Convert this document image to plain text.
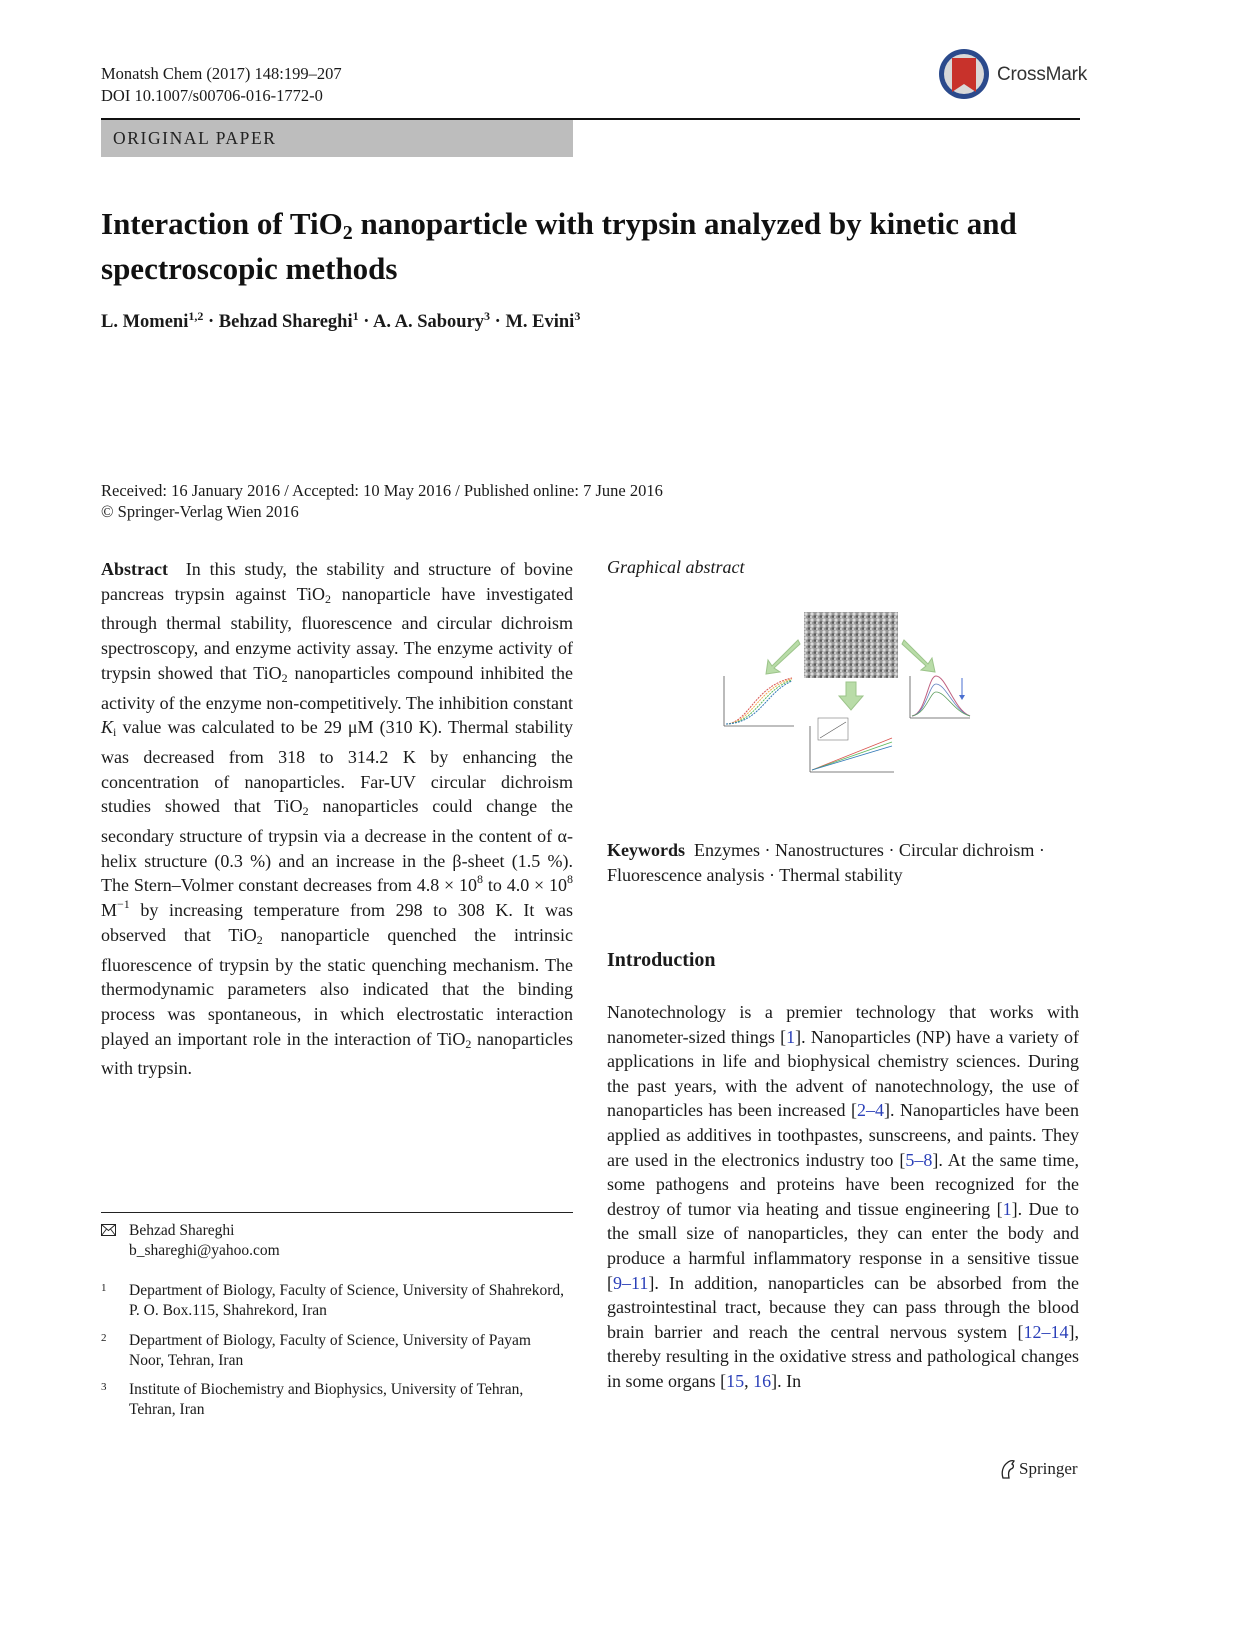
Monatsh Chem (2017) 148:199–207
DOI 10.1007/s00706-016-1772-0
CrossMark
ORIGINAL PAPER
Interaction of TiO$_2$ nanoparticle with trypsin analyzed by kinetic and spectroscopic methods
L. Momeni$^{1,2}$ · Behzad Shareghi$^1$ · A. A. Saboury$^3$ · M. Evini$^3$
Received: 16 January 2016 / Accepted: 10 May 2016 / Published online: 7 June 2016
© Springer-Verlag Wien 2016
Abstract In this study, the stability and structure of bovine pancreas trypsin against TiO$_2$ nanoparticle have investigated through thermal stability, fluorescence and circular dichroism spectroscopy, and enzyme activity assay. The enzyme activity of trypsin showed that TiO$_2$ nanoparticles compound inhibited the activity of the enzyme non-competitively. The inhibition constant $K_i$ value was calculated to be 29 μM (310 K). Thermal stability was decreased from 318 to 314.2 K by enhancing the concentration of nanoparticles. Far-UV circular dichroism studies showed that TiO$_2$ nanoparticles could change the secondary structure of trypsin via a decrease in the content of α-helix structure (0.3 %) and an increase in the β-sheet (1.5 %). The Stern–Volmer constant decreases from $4.8 \times 10^8$ to $4.0 \times 10^8$ $M^{-1}$ by increasing temperature from 298 to 308 K. It was observed that TiO$_2$ nanoparticle quenched the intrinsic fluorescence of trypsin by the static quenching mechanism. The thermodynamic parameters also indicated that the binding process was spontaneous, in which electrostatic interaction played an important role in the interaction of TiO$_2$ nanoparticles with trypsin.
Graphical abstract
Keywords Enzymes · Nanostructures · Circular dichroism · Fluorescence analysis · Thermal stability
Introduction
Nanotechnology is a premier technology that works with nanometer-sized things [1]. Nanoparticles (NP) have a variety of applications in life and biophysical chemistry sciences. During the past years, with the advent of nanotechnology, the use of nanoparticles has been increased [2–4]. Nanoparticles have been applied as additives in toothpastes, sunscreens, and paints. They are used in the electronics industry too [5–8]. At the same time, some pathogens and proteins have been recognized for the destroy of tumor via heating and tissue engineering [1]. Due to the small size of nanoparticles, they can enter the body and produce a harmful inflammatory response in a sensitive tissue [9–11]. In addition, nanoparticles can be absorbed from the gastrointestinal tract, because they can pass through the blood brain barrier and reach the central nervous system [12–14], thereby resulting in the oxidative stress and pathological changes in some organs [15, 16]. In
Behzad Shareghi
b_shareghi@yahoo.com
1 Department of Biology, Faculty of Science, University of Shahrekord, P. O. Box.115, Shahrekord, Iran
2 Department of Biology, Faculty of Science, University of Payam Noor, Tehran, Iran
3 Institute of Biochemistry and Biophysics, University of Tehran, Tehran, Iran
Springer
